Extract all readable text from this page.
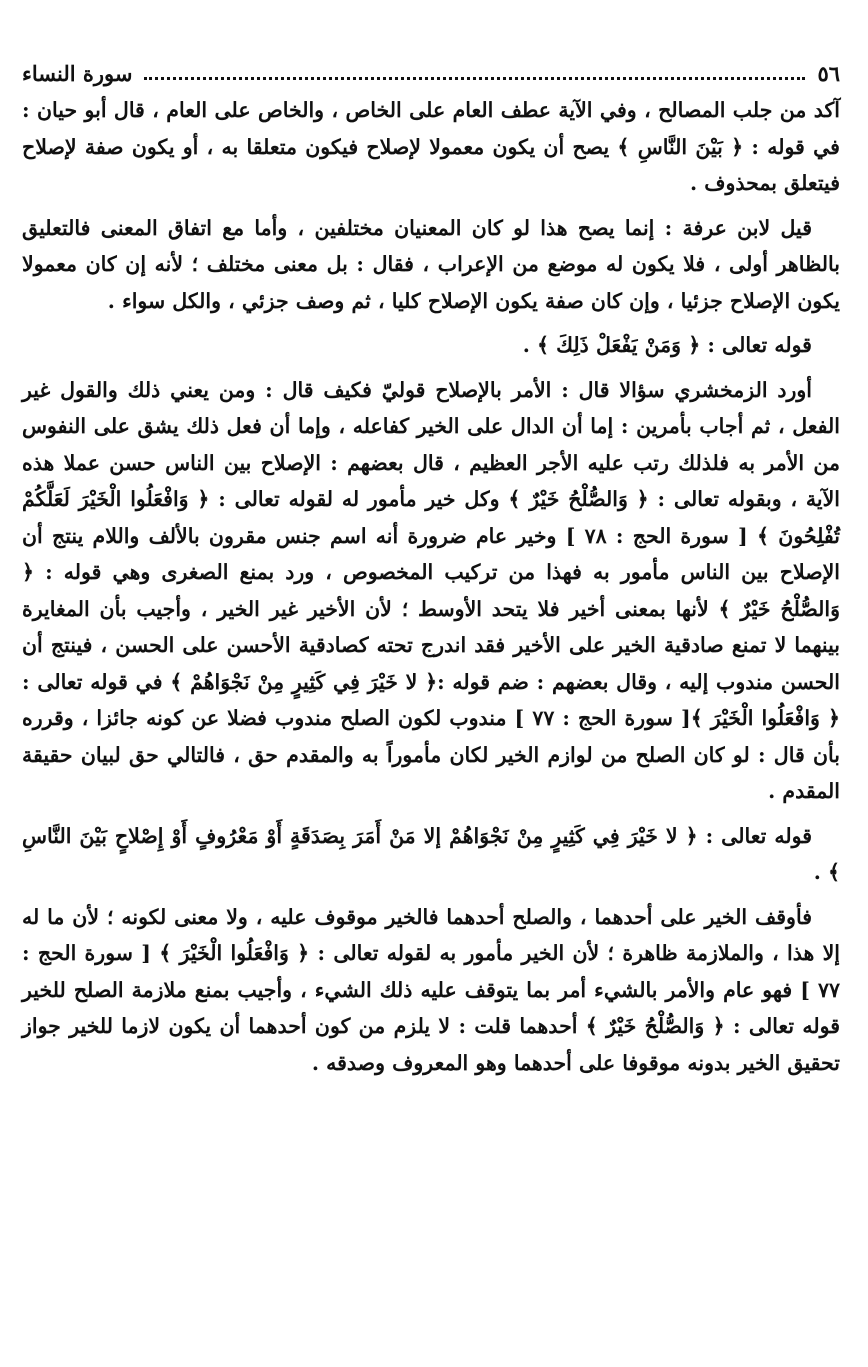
٥٦
سورة النساء

آكد من جلب المصالح ، وفي الآية عطف العام على الخاص ، والخاص على العام ، قال أبو حيان : في قوله : ﴿ بَيْنَ النَّاسِ ﴾ يصح أن يكون معمولا لإصلاح فيكون متعلقا به ، أو يكون صفة لإصلاح فيتعلق بمحذوف .

قيل لابن عرفة : إنما يصح هذا لو كان المعنيان مختلفين ، وأما مع اتفاق المعنى فالتعليق بالظاهر أولى ، فلا يكون له موضع من الإعراب ، فقال : بل معنى مختلف ؛ لأنه إن كان معمولا يكون الإصلاح جزئيا ، وإن كان صفة يكون الإصلاح كليا ، ثم وصف جزئي ، والكل سواء .

قوله تعالى : ﴿ وَمَنْ يَفْعَلْ ذَلِكَ ﴾ .

أورد الزمخشري سؤالا قال : الأمر بالإصلاح قوليّ فكيف قال : ومن يعني ذلك والقول غير الفعل ، ثم أجاب بأمرين : إما أن الدال على الخير كفاعله ، وإما أن فعل ذلك يشق على النفوس من الأمر به فلذلك رتب عليه الأجر العظيم ، قال بعضهم : الإصلاح بين الناس حسن عملا هذه الآية ، وبقوله تعالى : ﴿ وَالصُّلْحُ خَيْرٌ ﴾ وكل خير مأمور له لقوله تعالى : ﴿ وَافْعَلُوا الْخَيْرَ لَعَلَّكُمْ تُفْلِحُونَ ﴾ [ سورة الحج : ٧٨ ] وخير عام ضرورة أنه اسم جنس مقرون بالألف واللام ينتج أن الإصلاح بين الناس مأمور به فهذا من تركيب المخصوص ، ورد بمنع الصغرى وهي قوله : ﴿ وَالصُّلْحُ خَيْرٌ ﴾ لأنها بمعنى أخير فلا يتحد الأوسط ؛ لأن الأخير غير الخير ، وأجيب بأن المغايرة بينهما لا تمنع صادقية الخير على الأخير فقد اندرج تحته كصادقية الأحسن على الحسن ، فينتج أن الحسن مندوب إليه ، وقال بعضهم : ضم قوله :﴿ لا خَيْرَ فِي كَثِيرٍ مِنْ نَجْوَاهُمْ ﴾ في قوله تعالى : ﴿ وَافْعَلُوا الْخَيْرَ ﴾[ سورة الحج : ٧٧ ] مندوب لكون الصلح مندوب فضلا عن كونه جائزا ، وقرره بأن قال : لو كان الصلح من لوازم الخير لكان مأموراً به والمقدم حق ، فالتالي حق لبيان حقيقة المقدم .

قوله تعالى : ﴿ لا خَيْرَ فِي كَثِيرٍ مِنْ نَجْوَاهُمْ إلا مَنْ أَمَرَ بِصَدَقَةٍ أَوْ مَعْرُوفٍ أَوْ إِصْلاحٍ بَيْنَ النَّاسِ ﴾ .

فأوقف الخير على أحدهما ، والصلح أحدهما فالخير موقوف عليه ، ولا معنى لكونه ؛ لأن ما له إلا هذا ، والملازمة ظاهرة ؛ لأن الخير مأمور به لقوله تعالى : ﴿ وَافْعَلُوا الْخَيْرَ ﴾ [ سورة الحج : ٧٧ ] فهو عام والأمر بالشيء أمر بما يتوقف عليه ذلك الشيء ، وأجيب بمنع ملازمة الصلح للخير قوله تعالى : ﴿ وَالصُّلْحُ خَيْرٌ ﴾ أحدهما قلت : لا يلزم من كون أحدهما أن يكون لازما للخير جواز تحقيق الخير بدونه موقوفا على أحدهما وهو المعروف وصدقه .
